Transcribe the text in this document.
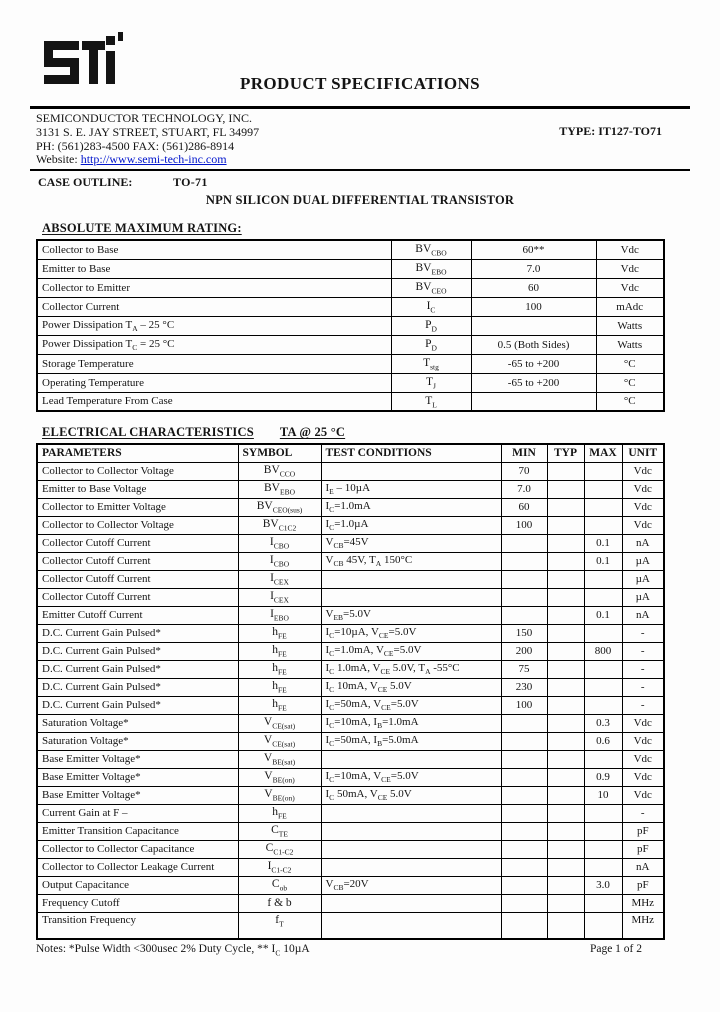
PRODUCT SPECIFICATIONS
SEMICONDUCTOR TECHNOLOGY, INC.
3131 S. E. JAY STREET, STUART, FL 34997
PH: (561)283-4500 FAX: (561)286-8914
Website: http://www.semi-tech-inc.com
TYPE: IT127-TO71
CASE OUTLINE:	TO-71
NPN SILICON DUAL DIFFERENTIAL TRANSISTOR
ABSOLUTE MAXIMUM RATING:
Collector to Base	$BV_{CBO}$	60**	Vdc
Emitter to Base	$BV_{EBO}$	7.0	Vdc
Collector to Emitter	$BV_{CEO}$	60	Vdc
Collector Current	$I_C$	100	mAdc
Power Dissipation $T_A - 25$ °C	$P_D$		Watts
Power Dissipation $T_C = 25$ °C	$P_D$	0.5 (Both Sides)	Watts
Storage Temperature	$T_{stg}$	-65 to +200	°C
Operating Temperature	$T_J$	-65 to +200	°C
Lead Temperature From Case	$T_L$		°C
ELECTRICAL CHARACTERISTICS TA @ 25 °C
PARAMETERS	SYMBOL	TEST CONDITIONS	MIN	TYP	MAX	UNIT
Collector to Collector Voltage	$BV_{CCO}$		70			Vdc
Emitter to Base Voltage	$BV_{EBO}$	$I_E - 10\mu A$	7.0			Vdc
Collector to Emitter Voltage	$BV_{CEO(sus)}$	$I_C=1.0mA$	60			Vdc
Collector to Collector Voltage	$BV_{C1C2}$	$I_C=1.0\mu A$	100			Vdc
Collector Cutoff Current	$I_{CBO}$	$V_{CB}=45V$			0.1	nA
Collector Cutoff Current	$I_{CBO}$	$V_{CB}$ 45V, $T_A$ 150°C			0.1	µA
Collector Cutoff Current	$I_{CEX}$					µA
Collector Cutoff Current	$I_{CEX}$					µA
Emitter Cutoff Current	$I_{EBO}$	$V_{EB}=5.0V$			0.1	nA
D.C. Current Gain Pulsed*	$h_{FE}$	$I_C=10\mu A$, $V_{CE}=5.0V$	150			-
D.C. Current Gain Pulsed*	$h_{FE}$	$I_C=1.0mA$, $V_{CE}=5.0V$	200		800	-
D.C. Current Gain Pulsed*	$h_{FE}$	$I_C$ 1.0mA, $V_{CE}$ 5.0V, $T_A$ -55°C	75			-
D.C. Current Gain Pulsed*	$h_{FE}$	$I_C$ 10mA, $V_{CE}$ 5.0V	230			-
D.C. Current Gain Pulsed*	$h_{FE}$	$I_C=50mA$, $V_{CE}=5.0V$	100			-
Saturation Voltage*	$V_{CE(sat)}$	$I_C=10mA$, $I_B=1.0mA$			0.3	Vdc
Saturation Voltage*	$V_{CE(sat)}$	$I_C=50mA$, $I_B=5.0mA$			0.6	Vdc
Base Emitter Voltage*	$V_{BE(sat)}$					Vdc
Base Emitter Voltage*	$V_{BE(on)}$	$I_C=10mA$, $V_{CE}=5.0V$			0.9	Vdc
Base Emitter Voltage*	$V_{BE(on)}$	$I_C$ 50mA, $V_{CE}$ 5.0V			10	Vdc
Current Gain at F –	$h_{FE}$					-
Emitter Transition Capacitance	$C_{TE}$					pF
Collector to Collector Capacitance	$C_{C1-C2}$					pF
Collector to Collector Leakage Current	$I_{C1-C2}$					nA
Output Capacitance	$C_{ob}$	$V_{CB}=20V$			3.0	pF
Frequency Cutoff	f & b					MHz
Transition Frequency	$f_T$					MHz
Notes: *Pulse Width <300usec 2% Duty Cycle, ** $I_C$ 10µA	Page 1 of 2
